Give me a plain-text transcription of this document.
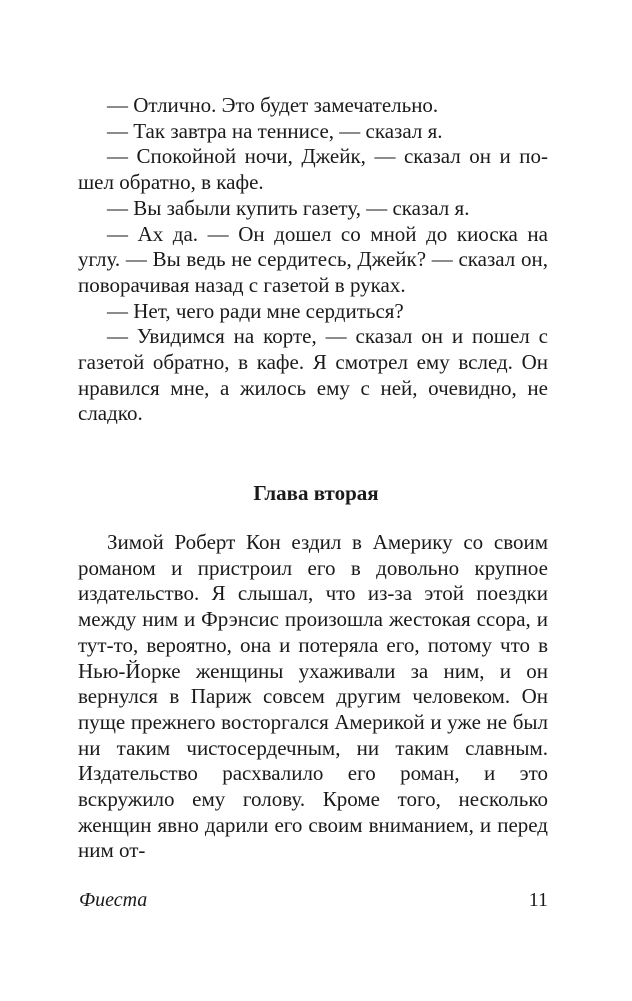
— Отлично. Это будет замечательно.

— Так завтра на теннисе, — сказал я.

— Спокойной ночи, Джейк, — сказал он и пошел обратно, в кафе.

— Вы забыли купить газету, — сказал я.

— Ах да. — Он дошел со мной до киоска на углу. — Вы ведь не сердитесь, Джейк? — сказал он, поворачивая назад с газетой в руках.

— Нет, чего ради мне сердиться?

— Увидимся на корте, — сказал он и пошел с газетой обратно, в кафе. Я смотрел ему вслед. Он нравился мне, а жилось ему с ней, очевидно, не сладко.

Глава вторая

Зимой Роберт Кон ездил в Америку со своим романом и пристроил его в довольно крупное издательство. Я слышал, что из-за этой поездки между ним и Фрэнсис произошла жестокая ссора, и тут-то, вероятно, она и потеряла его, потому что в Нью-Йорке женщины ухаживали за ним, и он вернулся в Париж совсем другим человеком. Он пуще прежнего восторгался Америкой и уже не был ни таким чистосердечным, ни таким славным. Издательство расхвалило его роман, и это вскружило ему голову. Кроме того, несколько женщин явно дарили его своим вниманием, и перед ним от-

Фиеста	11
